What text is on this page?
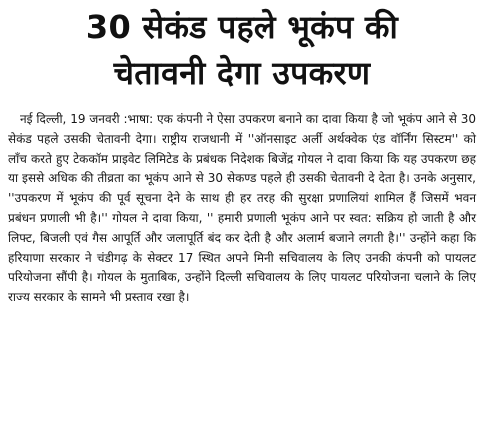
30 सेकंड पहले भूकंप की
चेतावनी देगा उपकरण

नई दिल्ली, 19 जनवरी :भाषा: एक कंपनी ने ऐसा उपकरण बनाने का दावा किया है जो भूकंप आने से 30 सेकंड पहले उसकी चेतावनी देगा। राष्ट्रीय राजधानी में ''ऑनसाइट अर्ली अर्थक्वेक एंड वॉर्निंग सिस्टम'' को लॉंच करते हुए टेककॉम प्राइवेट लिमिटेड के प्रबंधक निदेशक बिजेंद्र गोयल ने दावा किया कि यह उपकरण छह या इससे अधिक की तीव्रता का भूकंप आने से 30 सेकण्ड पहले ही उसकी चेतावनी दे देता है। उनके अनुसार, ''उपकरण में भूकंप की पूर्व सूचना देने के साथ ही हर तरह की सुरक्षा प्रणालियां शामिल हैं जिसमें भवन प्रबंधन प्रणाली भी है।'' गोयल ने दावा किया, '' हमारी प्रणाली भूकंप आने पर स्वत: सक्रिय हो जाती है और लिफ्ट, बिजली एवं गैस आपूर्ति और जलापूर्ति बंद कर देती है और अलार्म बजाने लगती है।'' उन्होंने कहा कि हरियाणा सरकार ने चंडीगढ़ के सेक्टर 17 स्थित अपने मिनी सचिवालय के लिए उनकी कंपनी को पायलट परियोजना सौंपी है। गोयल के मुताबिक, उन्होंने दिल्ली सचिवालय के लिए पायलट परियोजना चलाने के लिए राज्य सरकार के सामने भी प्रस्ताव रखा है।
